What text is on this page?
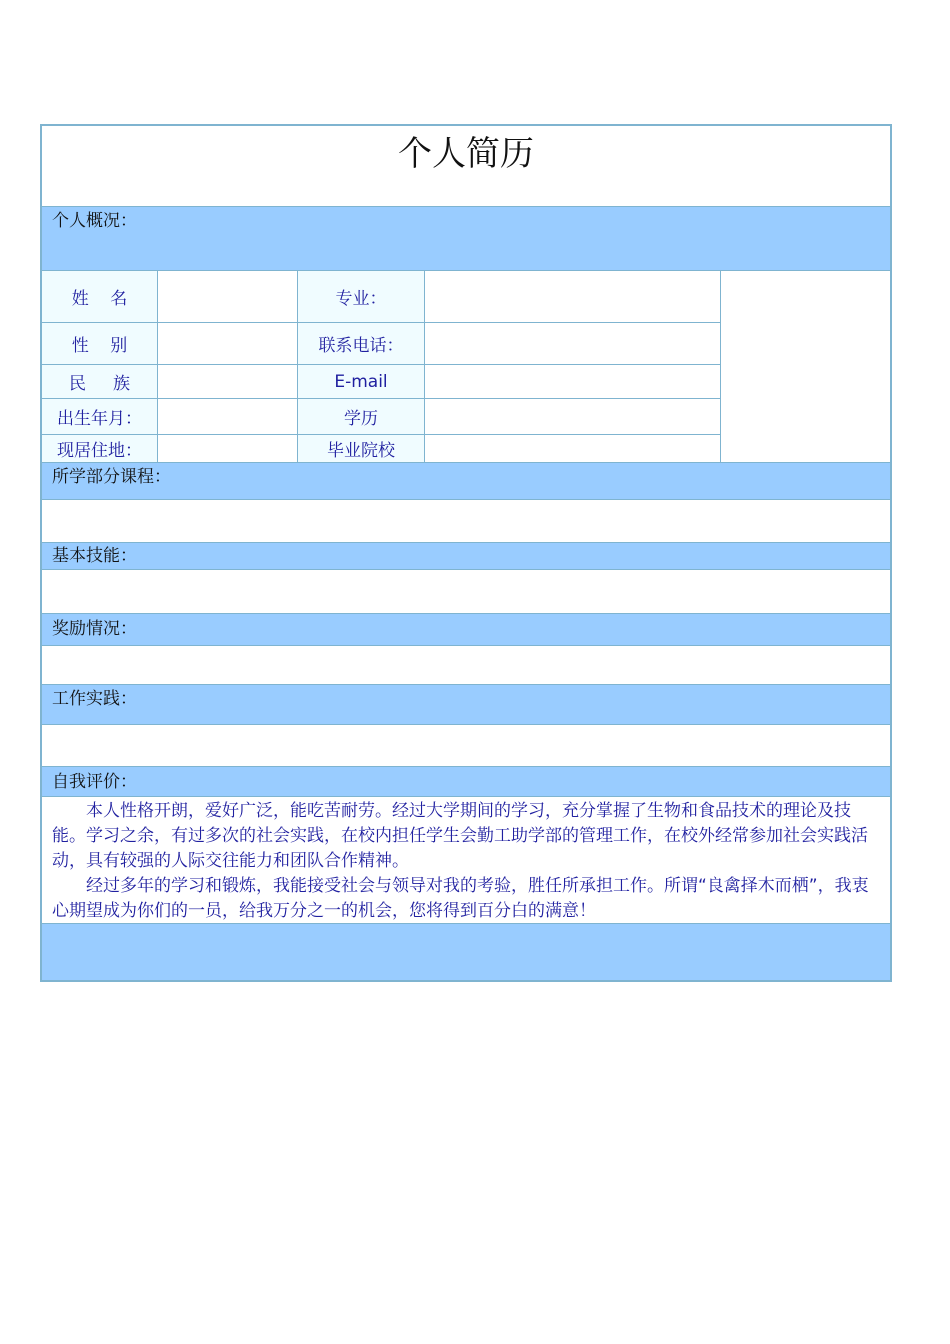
个人简历
个人概况：
姓    名	专业：
性    别	联系电话：
民     族	E-mail
出生年月：	学历
现居住地：	毕业院校
所学部分课程：
基本技能：
奖励情况：
工作实践：
自我评价：

本人性格开朗，爱好广泛，能吃苦耐劳。经过大学期间的学习，充分掌握了生物和食品技术的理论及技能。学习之余，有过多次的社会实践，在校内担任学生会勤工助学部的管理工作，在校外经常参加社会实践活动，具有较强的人际交往能力和团队合作精神。

经过多年的学习和锻炼，我能接受社会与领导对我的考验，胜任所承担工作。所谓“良禽择木而栖”，我衷心期望成为你们的一员，给我万分之一的机会，您将得到百分白的满意！
